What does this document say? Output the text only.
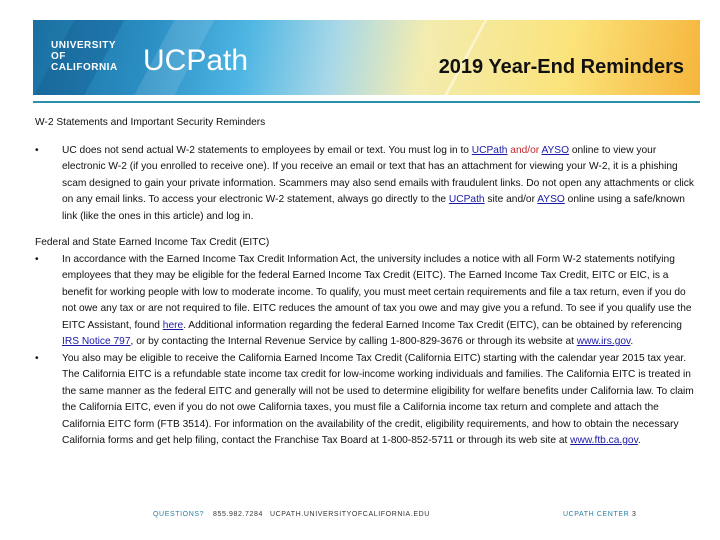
UNIVERSITY
OF
CALIFORNIA UCPath	2019 Year-End Reminders

W-2 Statements and Important Security Reminders

• UC does not send actual W-2 statements to employees by email or text. You must log in to UCPath and/or AYSO online to view your electronic W-2 (if you enrolled to receive one). If you receive an email or text that has an attachment for viewing your W-2, it is a phishing scam designed to gain your private information. Scammers may also send emails with fraudulent links. Do not open any attachments or click on any email links. To access your electronic W-2 statement, always go directly to the UCPath site and/or AYSO online using a safe/known link (like the ones in this article) and log in.

Federal and State Earned Income Tax Credit (EITC)

• In accordance with the Earned Income Tax Credit Information Act, the university includes a notice with all Form W-2 statements notifying employees that they may be eligible for the federal Earned Income Tax Credit (EITC). The Earned Income Tax Credit, EITC or EIC, is a benefit for working people with low to moderate income. To qualify, you must meet certain requirements and file a tax return, even if you do not owe any tax or are not required to file. EITC reduces the amount of tax you owe and may give you a refund. To see if you qualify use the EITC Assistant, found here. Additional information regarding the federal Earned Income Tax Credit (EITC), can be obtained by referencing IRS Notice 797, or by contacting the Internal Revenue Service by calling 1-800-829-3676 or through its website at www.irs.gov.
• You also may be eligible to receive the California Earned Income Tax Credit (California EITC) starting with the calendar year 2015 tax year. The California EITC is a refundable state income tax credit for low-income working individuals and families. The California EITC is treated in the same manner as the federal EITC and generally will not be used to determine eligibility for welfare benefits under California law. To claim the California EITC, even if you do not owe California taxes, you must file a California income tax return and complete and attach the California EITC form (FTB 3514). For information on the availability of the credit, eligibility requirements, and how to obtain the necessary California forms and get help filing, contact the Franchise Tax Board at 1-800-852-5711 or through its web site at www.ftb.ca.gov.
QUESTIONS? 855.982.7284 UCPATH.UNIVERSITYOFCALIFORNIA.EDU	UCPATH CENTER 3
